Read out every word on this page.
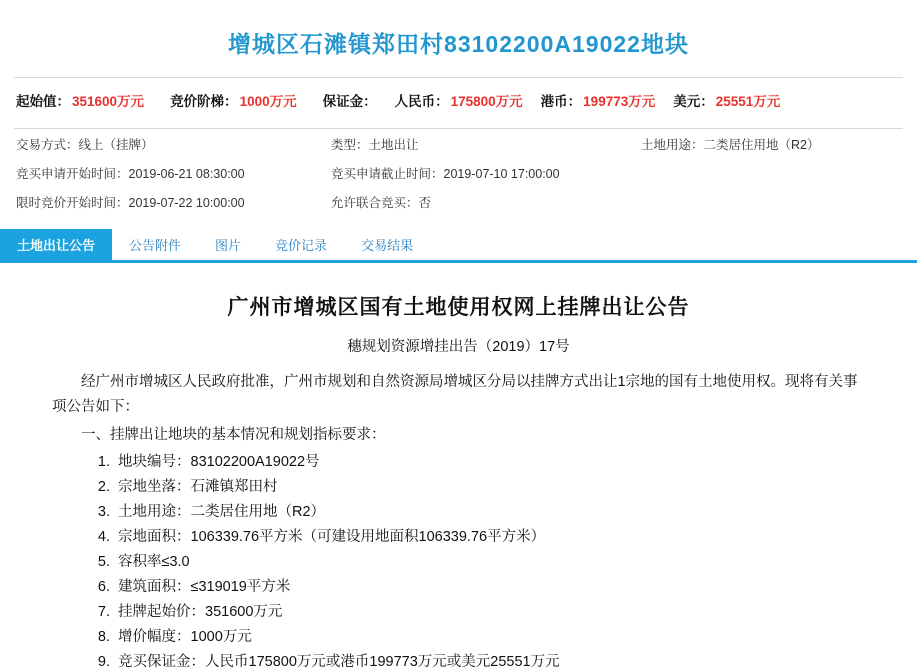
增城区石滩镇郑田村83102200A19022地块
起始值： 351600万元 竞价阶梯： 1000万元 保证金： 人民币： 175800万元 港币： 199773万元 美元： 25551万元
交易方式：线上（挂牌）	类型：土地出让	土地用途：二类居住用地（R2）
竞买申请开始时间：2019-06-21 08:30:00	竞买申请截止时间：2019-07-10 17:00:00
限时竞价开始时间：2019-07-22 10:00:00	允许联合竞买：否
土地出让公告	公告附件	图片	竞价记录	交易结果
广州市增城区国有土地使用权网上挂牌出让公告
穗规划资源增挂出告（2019）17号
经广州市增城区人民政府批准，广州市规划和自然资源局增城区分局以挂牌方式出让1宗地的国有土地使用权。现将有关事项公告如下：
一、挂牌出让地块的基本情况和规划指标要求：
1. 地块编号：83102200A19022号
2. 宗地坐落：石滩镇郑田村
3. 土地用途：二类居住用地（R2）
4. 宗地面积：106339.76平方米（可建设用地面积106339.76平方米）
5. 容积率≤3.0
6. 建筑面积：≤319019平方米
7. 挂牌起始价：351600万元
8. 增价幅度：1000万元
9. 竞买保证金：人民币175800万元或港币199773万元或美元25551万元
